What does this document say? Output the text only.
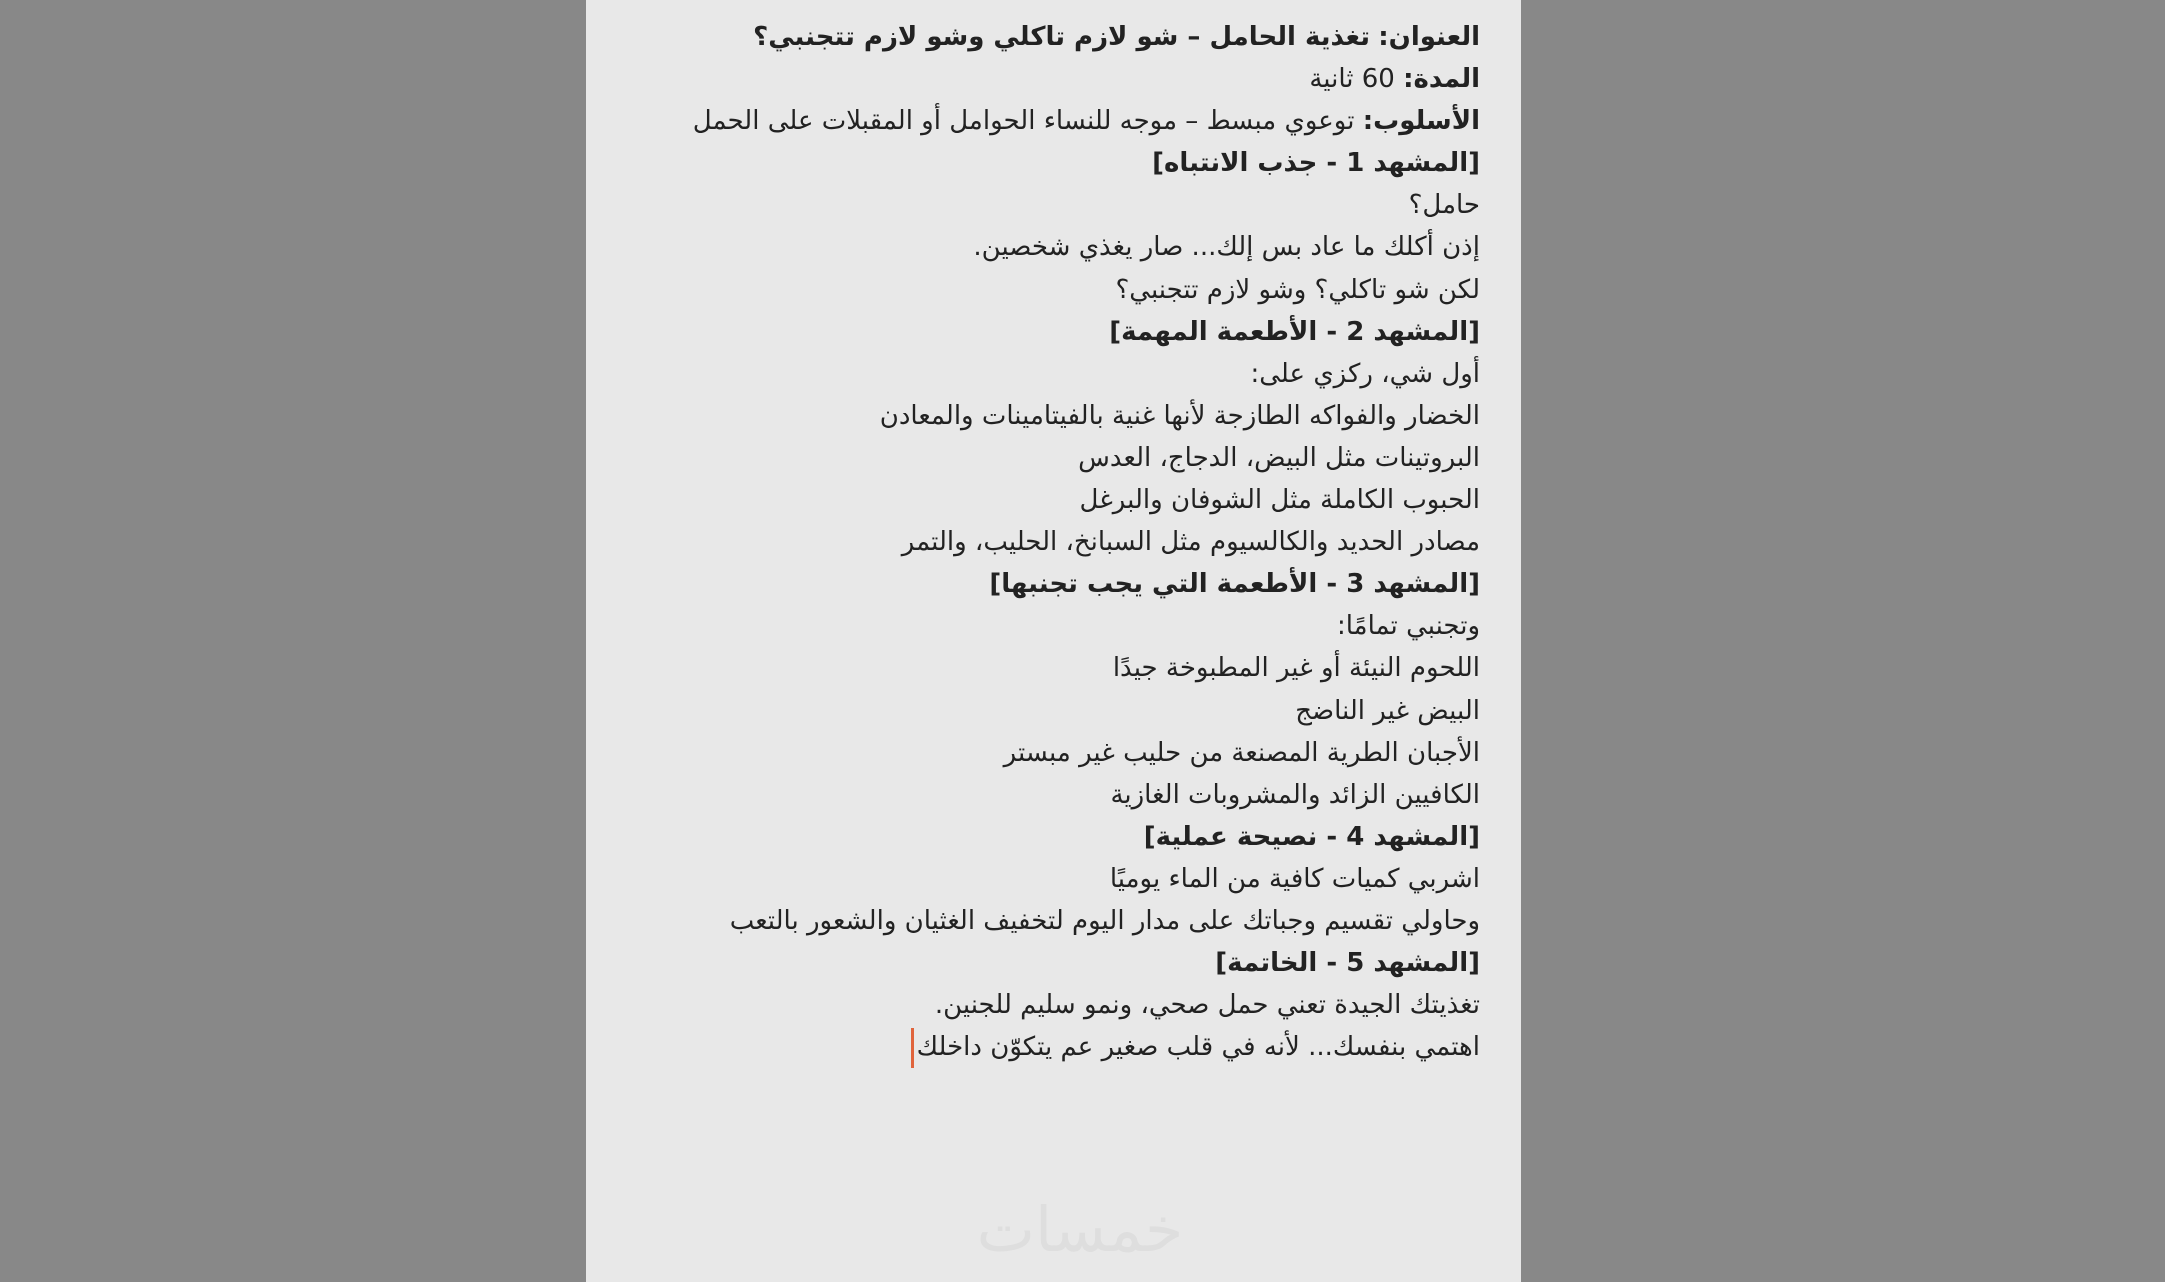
العنوان: تغذية الحامل – شو لازم تاكلي وشو لازم تتجنبي؟
المدة: 60 ثانية
الأسلوب: توعوي مبسط – موجه للنساء الحوامل أو المقبلات على الحمل
[المشهد 1 - جذب الانتباه]
حامل؟
إذن أكلك ما عاد بس إلك... صار يغذي شخصين.
لكن شو تاكلي؟ وشو لازم تتجنبي؟
[المشهد 2 - الأطعمة المهمة]
أول شي، ركزي على:
الخضار والفواكه الطازجة لأنها غنية بالفيتامينات والمعادن
البروتينات مثل البيض، الدجاج، العدس
الحبوب الكاملة مثل الشوفان والبرغل
مصادر الحديد والكالسيوم مثل السبانخ، الحليب، والتمر
[المشهد 3 - الأطعمة التي يجب تجنبها]
وتجنبي تمامًا:
اللحوم النيئة أو غير المطبوخة جيدًا
البيض غير الناضج
الأجبان الطرية المصنعة من حليب غير مبستر
الكافيين الزائد والمشروبات الغازية
[المشهد 4 - نصيحة عملية]
اشربي كميات كافية من الماء يوميًا
وحاولي تقسيم وجباتك على مدار اليوم لتخفيف الغثيان والشعور بالتعب
[المشهد 5 - الخاتمة]
تغذيتك الجيدة تعني حمل صحي، ونمو سليم للجنين.
اهتمي بنفسك... لأنه في قلب صغير عم يتكوّن داخلك
خمسات
